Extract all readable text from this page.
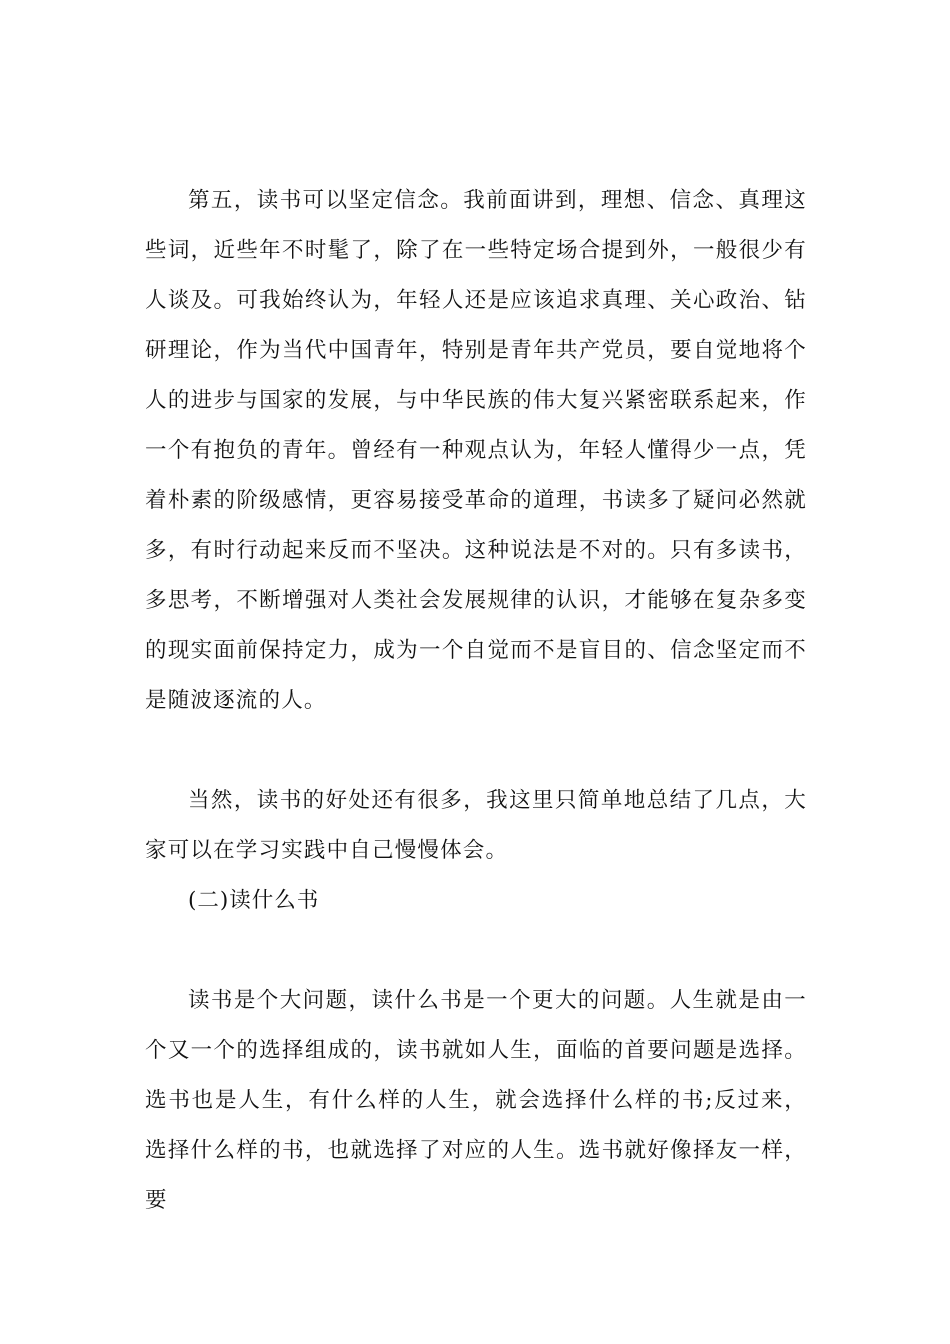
第五，读书可以坚定信念。我前面讲到，理想、信念、真理这些词，近些年不时髦了，除了在一些特定场合提到外，一般很少有人谈及。可我始终认为，年轻人还是应该追求真理、关心政治、钻研理论，作为当代中国青年，特别是青年共产党员，要自觉地将个人的进步与国家的发展，与中华民族的伟大复兴紧密联系起来，作一个有抱负的青年。曾经有一种观点认为，年轻人懂得少一点，凭着朴素的阶级感情，更容易接受革命的道理，书读多了疑问必然就多，有时行动起来反而不坚决。这种说法是不对的。只有多读书，多思考，不断增强对人类社会发展规律的认识，才能够在复杂多变的现实面前保持定力，成为一个自觉而不是盲目的、信念坚定而不是随波逐流的人。

当然，读书的好处还有很多，我这里只简单地总结了几点，大家可以在学习实践中自己慢慢体会。

(二)读什么书

读书是个大问题，读什么书是一个更大的问题。人生就是由一个又一个的选择组成的，读书就如人生，面临的首要问题是选择。选书也是人生，有什么样的人生，就会选择什么样的书;反过来，选择什么样的书，也就选择了对应的人生。选书就好像择友一样，要
